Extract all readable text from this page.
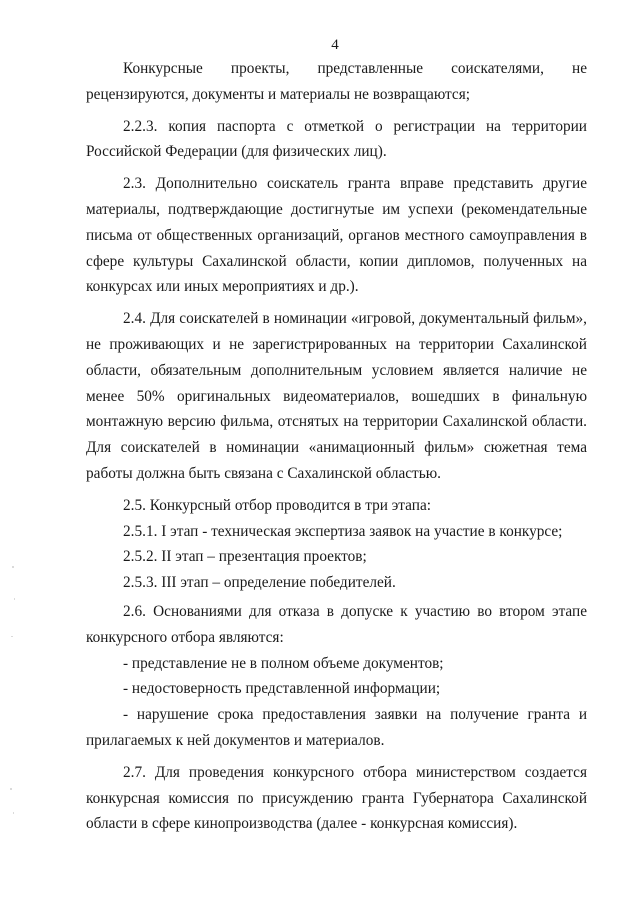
4

Конкурсные проекты, представленные соискателями, не рецензируются, документы и материалы не возвращаются;

2.2.3. копия паспорта с отметкой о регистрации на территории Российской Федерации (для физических лиц).

2.3. Дополнительно соискатель гранта вправе представить другие материалы, подтверждающие достигнутые им успехи (рекомендательные письма от общественных организаций, органов местного самоуправления в сфере культуры Сахалинской области, копии дипломов, полученных на конкурсах или иных мероприятиях и др.).

2.4. Для соискателей в номинации «игровой, документальный фильм», не проживающих и не зарегистрированных на территории Сахалинской области, обязательным дополнительным условием является наличие не менее 50% оригинальных видеоматериалов, вошедших в финальную монтажную версию фильма, отснятых на территории Сахалинской области. Для соискателей в номинации «анимационный фильм» сюжетная тема работы должна быть связана с Сахалинской областью.

2.5. Конкурсный отбор проводится в три этапа:

2.5.1. I этап - техническая экспертиза заявок на участие в конкурсе;

2.5.2. II этап – презентация проектов;

2.5.3. III этап – определение победителей.

2.6. Основаниями для отказа в допуске к участию во втором этапе конкурсного отбора являются:

- представление не в полном объеме документов;

- недостоверность представленной информации;

- нарушение срока предоставления заявки на получение гранта и прилагаемых к ней документов и материалов.

2.7. Для проведения конкурсного отбора министерством создается конкурсная комиссия по присуждению гранта Губернатора Сахалинской области в сфере кинопроизводства (далее - конкурсная комиссия).
